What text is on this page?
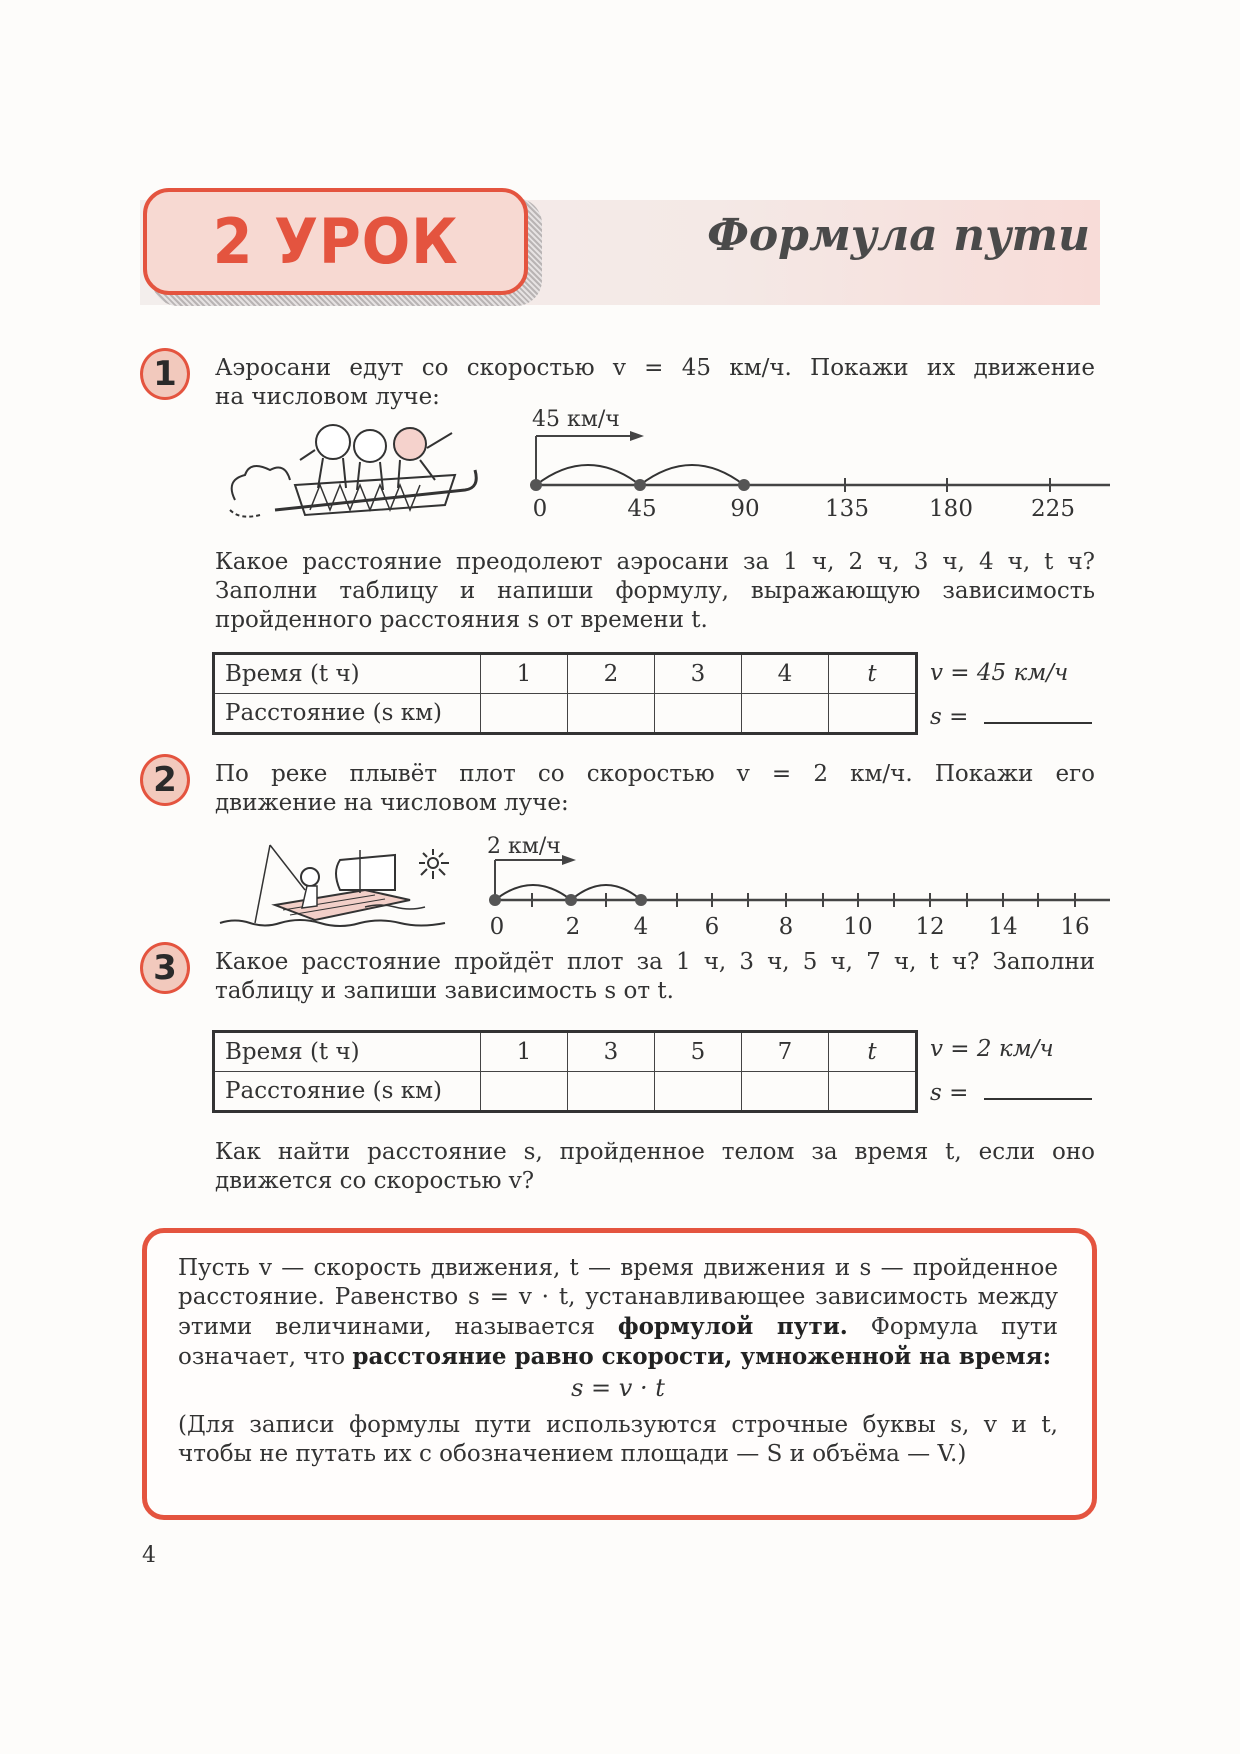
2 УРОК	Формула пути
1	Аэросани едут со скоростью v = 45 км/ч. Покажи их движение
на числовом луче:
45 км/ч
0	45	90	135	180	225
Какое расстояние преодолеют аэросани за 1 ч, 2 ч, 3 ч, 4 ч, t ч? Заполни таблицу и напиши формулу, выражающую зависимость пройденного расстояния s от времени t.
Время (t ч)	1	2	3	4	t
Расстояние (s км)					
v = 45 км/ч
s =
2	По реке плывёт плот со скоростью v = 2 км/ч. Покажи его
движение на числовом луче:
2 км/ч
0	2 4 6	8 10 12 14 16
3	Какое расстояние пройдёт плот за 1 ч, 3 ч, 5 ч, 7 ч, t ч? Заполни таблицу и запиши зависимость s от t.
Время (t ч)	1	3	5	7	t
Расстояние (s км)					
v = 2 км/ч
s =
Как найти расстояние s, пройденное телом за время t, если оно движется со скоростью v?
Пусть v — скорость движения, t — время движения и s — пройденное расстояние. Равенство s = v · t, устанавливающее зависимость между этими величинами, называется формулой пути. Формула пути означает, что расстояние равно скорости, умноженной на время:
s = v · t
(Для записи формулы пути используются строчные буквы s, v и t, чтобы не путать их с обозначением площади — S и объёма — V.)
4
